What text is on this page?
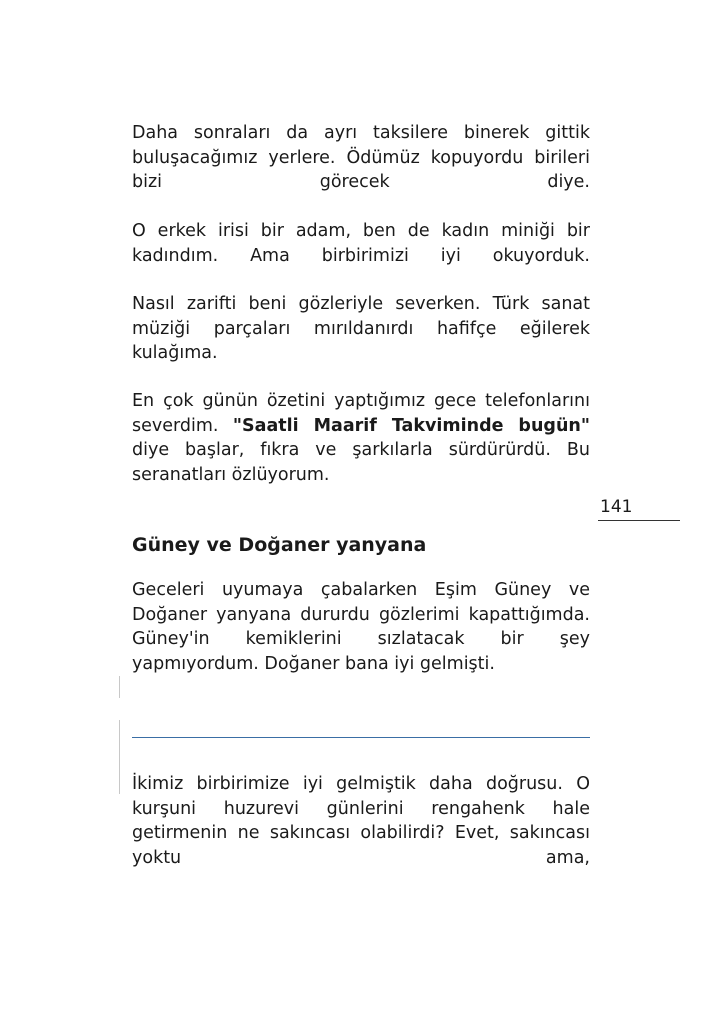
Daha sonraları da ayrı taksilere binerek gittik buluşacağımız yerlere. Ödümüz kopuyordu birileri bizi görecek diye.

O erkek irisi bir adam, ben de kadın miniği bir kadındım. Ama birbirimizi iyi okuyorduk.

Nasıl zarifti beni gözleriyle severken. Türk sanat müziği parçaları mırıldanırdı hafifçe eğilerek kulağıma.

En çok günün özetini yaptığımız gece telefonlarını severdim. "Saatli Maarif Takviminde bugün" diye başlar, fıkra ve şarkılarla sürdürürdü. Bu seranatları özlüyorum.

141
Güney ve Doğaner yanyana

Geceleri uyumaya çabalarken Eşim Güney ve Doğaner yanyana dururdu gözlerimi kapattığımda. Güney'in kemiklerini sızlatacak bir şey yapmıyordum. Doğaner bana iyi gelmişti.

İkimiz birbirimize iyi gelmiştik daha doğrusu. O kurşuni huzurevi günlerini rengahenk hale getirmenin ne sakıncası olabilirdi? Evet, sakıncası yoktu ama,
